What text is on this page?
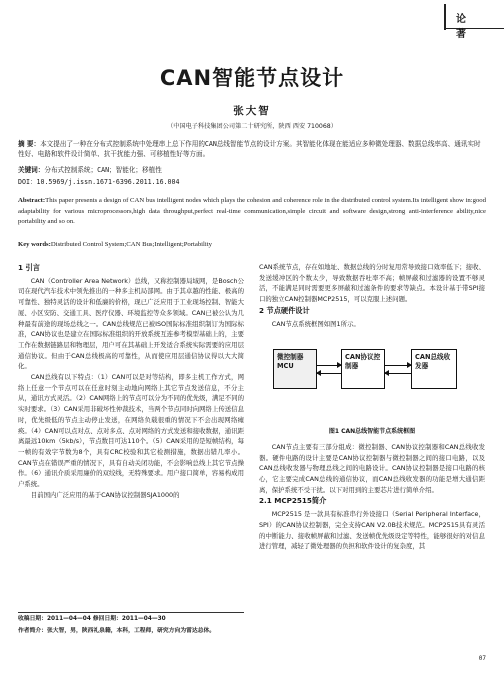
论 著
CAN智能节点设计
张大智
（中国电子科技集团公司第二十研究所，陕西 西安 710068）
摘 要：本文提出了一种在分布式控制系统中处理串上总下作用的CAN总线智能节点的设计方案。其智能化体现在能适应多种微处理器、数据总线率高、通讯实时性好、电路和软件设计简单、抗干扰能力强、可移植性好等方面。
关键词：分布式控制系统；CAN；智能化；移植性
DOI：10.5969/j.issn.1671-6396.2011.16.004
Abstract:This paper presents a design of CAN bus intelligent nodes which plays the cohesion and coherence role in the distributed control system.Its intelligent show in:good adaptability for various microprocessors,high data throughput,perfect real-time communication,simple circuit and software design,strong anti-interference ability,nice portability and so on.
Key words:Distributed Control System;CAN Bus;Intelligent;Portability
1 引言

CAN（Controller Area Network）总线，又称控制器局域网，是Bosch公司在现代汽车技术中领先推出的一种多主机局部网。由于其卓越的性能、极高的可靠性、独特灵活的设计和低廉的价格，现已广泛应用于工业现场控制、智能大厦、小区安防、交通工具、医疗仪器、环境监控等众多领域。CAN已被公认为几种最有前途的现场总线之一。CAN总线规范已被ISO国际标准组织制订为国际标准，CAN协议也是建立在国际标准组织的开放系统互连参考模型基础上的，主要工作在数据链路层和物理层，用户可在其基础上开发适合系统实际需要的应用层通信协议。但由于CAN总线极高的可靠性，从而使应用层通信协议得以大大简化。

CAN总线有以下特点：（1）CAN可以是对等结构，即多主机工作方式，网络上任意一个节点可以在任意时刻主动地向网络上其它节点发送信息，不分主从，通讯方式灵活。（2）CAN网络上的节点可以分为不同的优先级，满足不同的实时要求。（3）CAN采用非破坏性仲裁技术，当两个节点同时向网络上传送信息时，优先级低的节点主动停止发送，在网络负载很重的情况下不会出现网络瘫痪。（4）CAN可以点对点、点对多点、点对网络的方式发送和接收数据，通讯距离最远10km（5kb/s），节点数目可达110个。（5）CAN采用的是短帧结构，每一帧的有效字节数为8个，具有CRC校验和其它检测措施，数据出错几率小。CAN节点在错误严重的情况下，具有自动关闭功能，不会影响总线上其它节点操作。（6）通讯介质采用廉价的双绞线，无特殊要求。用户接口简单，容易构成用户系统。

目前国内广泛应用的基于CAN协议控制器SJA1000的

CAN系统节点，存在如地址、数据总线的分时复用常导致接口效率低下；接收、发送缓冲区的个数太少，导致数据吞吐率不高；帧屏蔽和过滤器的设置不够灵活，不能满足同时需要更多屏蔽和过滤条件的要求等缺点。本设计基于带SPI接口的独立CAN控制器MCP2515，可以克服上述问题。

2 节点硬件设计

CAN节点系统框图如图1所示。

微控制器MCU
CAN协议控制器
CAN总线收发器
图1 CAN总线智能节点系统框图

CAN节点主要有三部分组成：微控制器、CAN协议控制器和CAN总线收发器。硬件电路的设计主要是CAN协议控制器与微控制器之间的接口电路，以及CAN总线收发器与物理总线之间的电路设计。CAN协议控制器是接口电路的核心，它主要完成CAN总线的通信协议，而CAN总线收发器的功能是增大通信距离，保护系统不受干扰。以下对用到的主要芯片进行简单介绍。

2.1 MCP2515简介

MCP2515 是一款具有标准串行外设接口（Serial Peripheral Interface，SPI）的CAN协议控制器，完全支持CAN V2.0B技术规范。MCP2515具有灵活的中断能力、接收帧屏蔽和过滤、发送帧优先级设定等特性，能够很好的对信息进行管理，减轻了微处理器的负担和软件设计的复杂度，其

收稿日期：2011—04—04 修回日期：2011—04—30
作者简介：张大智，男，陕西礼泉籍，本科，工程师，研究方向为雷达总体。
07
